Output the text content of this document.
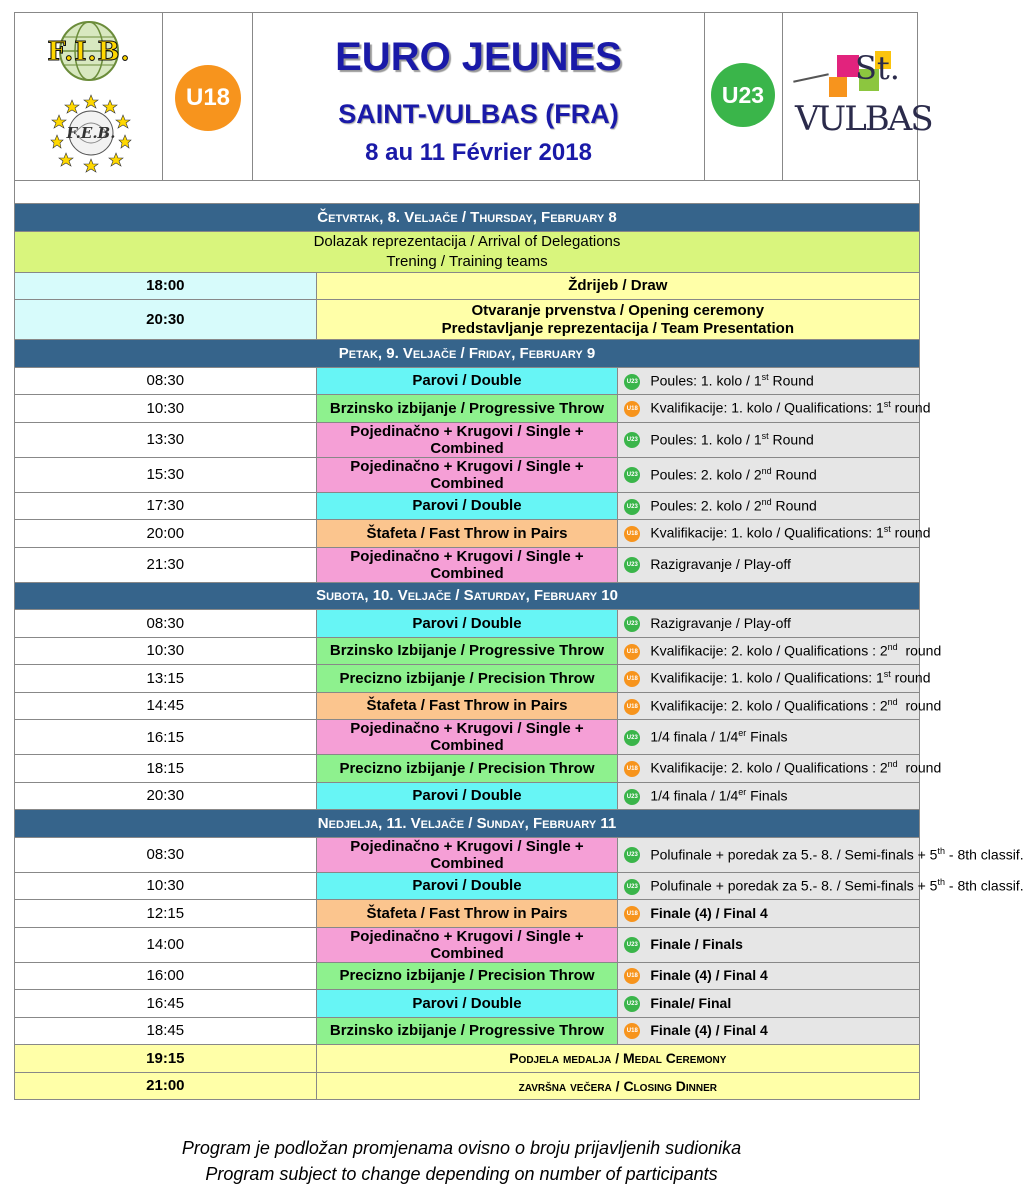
F.I.B.
F.E.B.
U18
EURO JEUNES
SAINT-VULBAS (FRA)
8 au 11 Février 2018
U23
St.
VULBAS

Četvrtak, 8. Veljače / Thursday, February 8		

Dolazak reprezentacija / Arrival of Delegations
Trening / Training teams		

18:00	Ždrijeb / Draw	

20:30	Otvaranje prvenstva / Opening ceremony
Predstavljanje reprezentacija / Team Presentation	

Petak, 9. Veljače / Friday, February 9		
08:30	Parovi / Double	U23 Poules: 1. kolo / 1st Round
10:30	Brzinsko izbijanje / Progressive Throw	U18 Kvalifikacije: 1. kolo / Qualifications: 1st round
13:30	Pojedinačno + Krugovi / Single + Combined	U23 Poules: 1. kolo / 1st Round
15:30	Pojedinačno + Krugovi / Single + Combined	U23 Poules: 2. kolo / 2nd Round
17:30	Parovi / Double	U23 Poules: 2. kolo / 2nd Round
20:00	Štafeta / Fast Throw in Pairs	U18 Kvalifikacije: 1. kolo / Qualifications: 1st round
21:30	Pojedinačno + Krugovi / Single + Combined	U23 Razigravanje / Play-off
Subota, 10. Veljače / Saturday, February 10		
08:30	Parovi / Double	U23 Razigravanje / Play-off
10:30	Brzinsko Izbijanje / Progressive Throw	U18 Kvalifikacije: 2. kolo / Qualifications : 2nd  round
13:15	Precizno izbijanje / Precision Throw	U18 Kvalifikacije: 1. kolo / Qualifications: 1st round
14:45	Štafeta / Fast Throw in Pairs	U18 Kvalifikacije: 2. kolo / Qualifications : 2nd  round
16:15	Pojedinačno + Krugovi / Single + Combined	U23 1/4 finala / 1/4er Finals
18:15	Precizno izbijanje / Precision Throw	U18 Kvalifikacije: 2. kolo / Qualifications : 2nd  round
20:30	Parovi / Double	U23 1/4 finala / 1/4er Finals
Nedjelja, 11. Veljače / Sunday, February 11		
08:30	Pojedinačno + Krugovi / Single + Combined	U23 Polufinale + poredak za 5.- 8. / Semi-finals + 5th - 8th classif.
10:30	Parovi / Double	U23 Polufinale + poredak za 5.- 8. / Semi-finals + 5th - 8th classif.
12:15	Štafeta / Fast Throw in Pairs	U18 Finale (4) / Final 4
14:00	Pojedinačno + Krugovi / Single + Combined	U23 Finale / Finals
16:00	Precizno izbijanje / Precision Throw	U18 Finale (4) / Final 4
16:45	Parovi / Double	U23 Finale/ Final
18:45	Brzinsko izbijanje / Progressive Throw	U18 Finale (4) / Final 4
19:15	Podjela medalja / Medal Ceremony	

21:00	završna večera / Closing Dinner	
Program je podložan promjenama ovisno o broju prijavljenih sudionika
Program subject to change depending on number of participants
